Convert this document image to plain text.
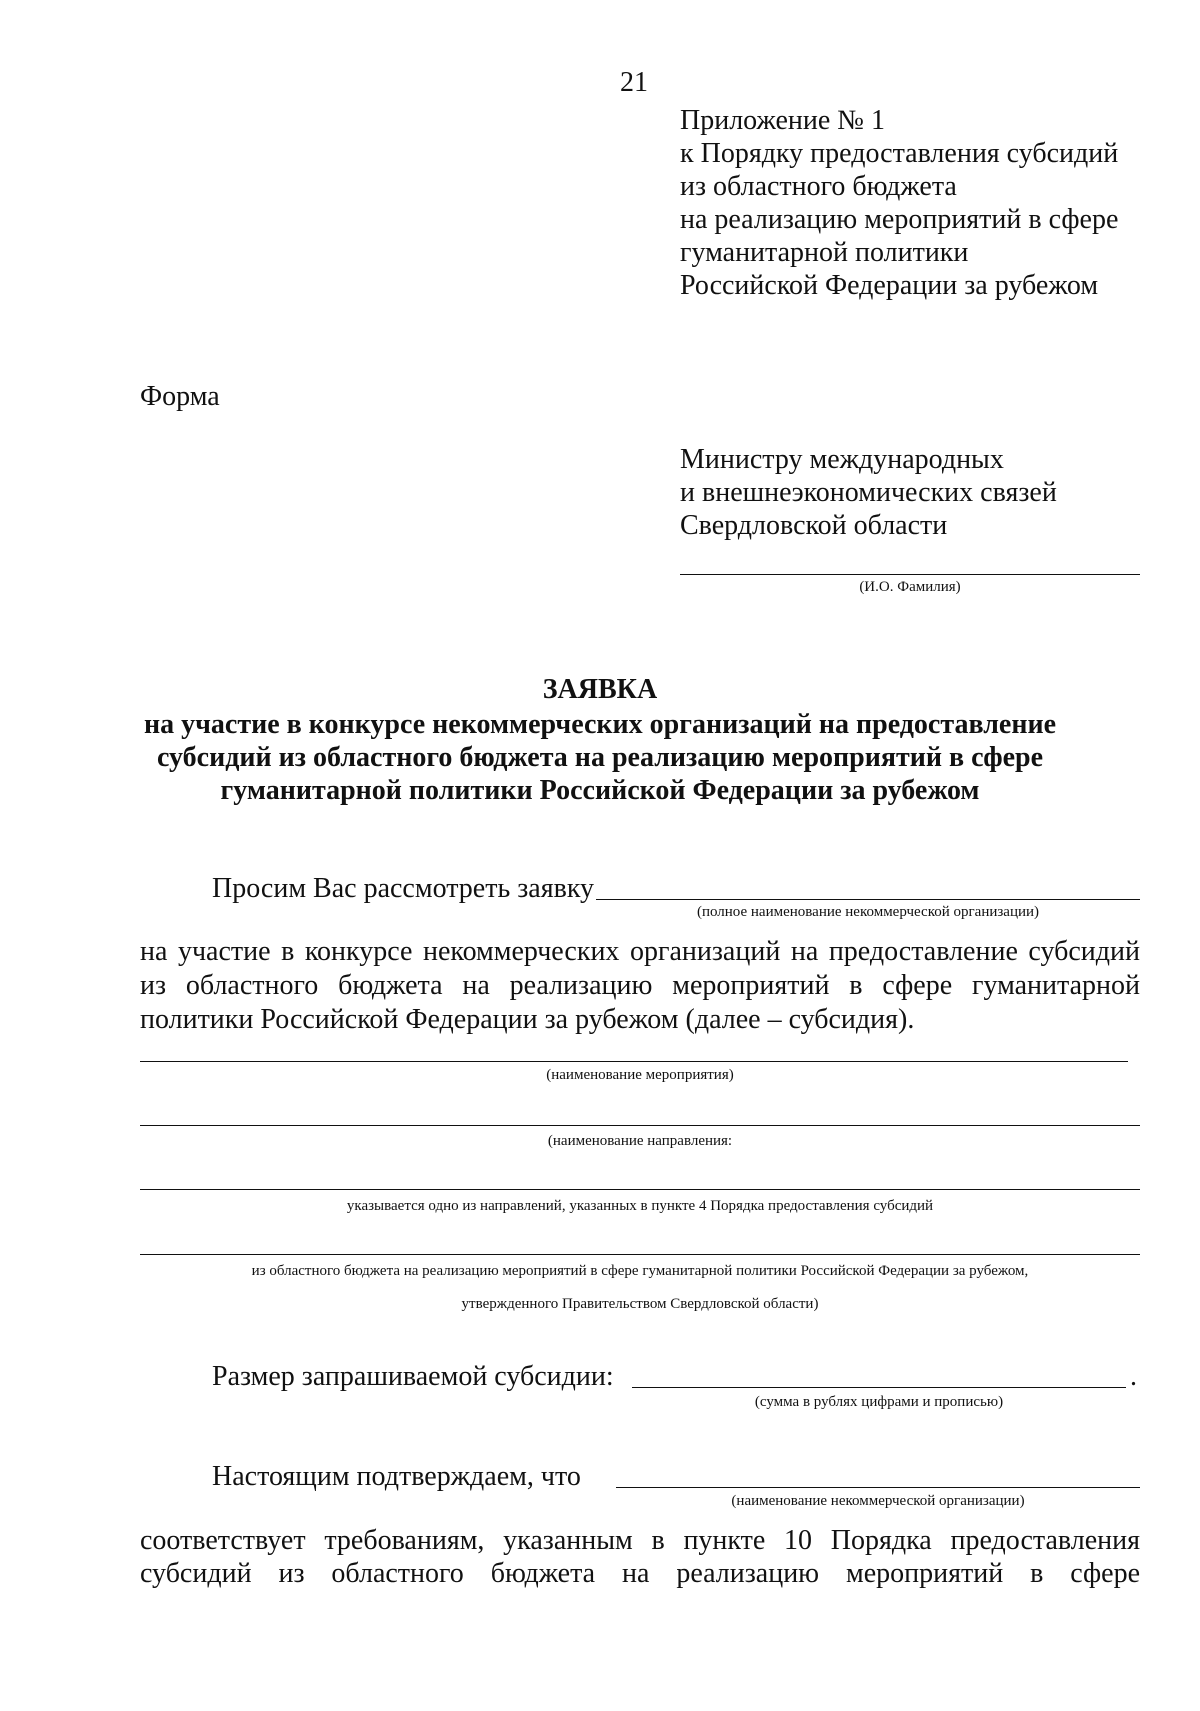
21
Приложение № 1
к Порядку предоставления субсидий
из областного бюджета
на реализацию мероприятий в сфере
гуманитарной политики
Российской Федерации за рубежом
Форма
Министру международных
и внешнеэкономических связей
Свердловской области
(И.О. Фамилия)
ЗАЯВКА
на участие в конкурсе некоммерческих организаций на предоставление
субсидий из областного бюджета на реализацию мероприятий в сфере
гуманитарной политики Российской Федерации за рубежом
Просим Вас рассмотреть заявку
(полное наименование некоммерческой организации)
на участие в конкурсе некоммерческих организаций на предоставление субсидий
из областного бюджета на реализацию мероприятий в сфере гуманитарной
политики Российской Федерации за рубежом (далее – субсидия).
(наименование мероприятия)
(наименование направления:
указывается одно из направлений, указанных в пункте 4 Порядка предоставления субсидий
из областного бюджета на реализацию мероприятий в сфере гуманитарной политики Российской Федерации за рубежом,
утвержденного Правительством Свердловской области)
Размер запрашиваемой субсидии:	.
(сумма в рублях цифрами и прописью)
Настоящим подтверждаем, что
(наименование некоммерческой организации)
соответствует требованиям, указанным в пункте 10 Порядка предоставления
субсидий из областного бюджета на реализацию мероприятий в сфере
